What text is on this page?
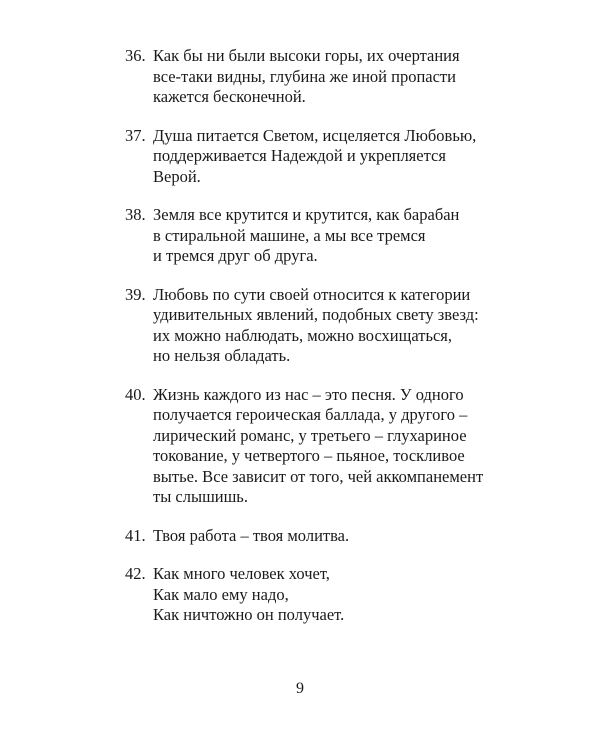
36. Как бы ни были высоки горы, их очертания
все-таки видны, глубина же иной пропасти
кажется бесконечной.
37. Душа питается Светом, исцеляется Любовью,
поддерживается Надеждой и укрепляется
Верой.
38. Земля все крутится и крутится, как барабан
в стиральной машине, а мы все тремся
и тремся друг об друга.
39. Любовь по сути своей относится к категории
удивительных явлений, подобных свету звезд:
их можно наблюдать, можно восхищаться,
но нельзя обладать.
40. Жизнь каждого из нас – это песня. У одного
получается героическая баллада, у другого –
лирический романс, у третьего – глухариное
токование, у четвертого – пьяное, тоскливое
вытье. Все зависит от того, чей аккомпанемент
ты слышишь.
41. Твоя работа – твоя молитва.
42. Как много человек хочет,
Как мало ему надо,
Как ничтожно он получает.
9
